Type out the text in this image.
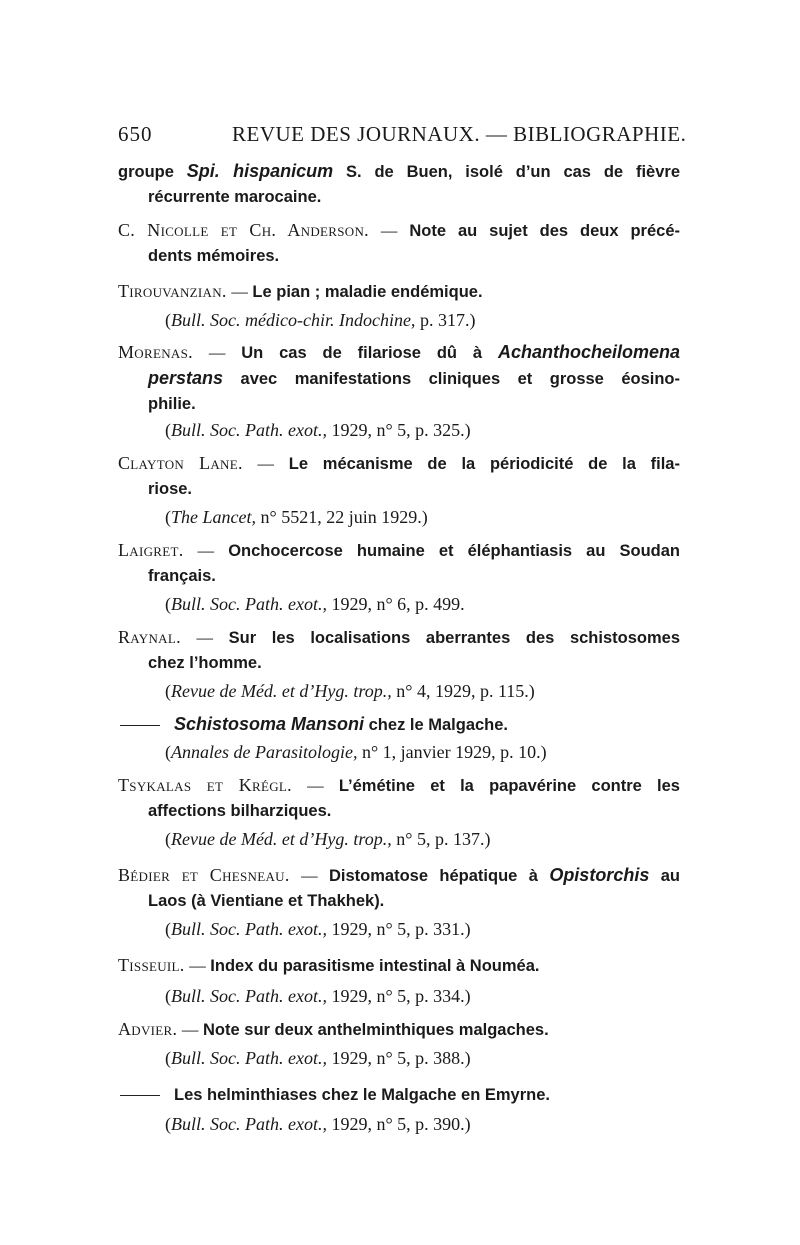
650	REVUE DES JOURNAUX. — BIBLIOGRAPHIE.
groupe Spi. hispanicum S. de Buen, isolé d’un cas de fièvre
récurrente marocaine.
C. Nicolle et Ch. Anderson. — Note au sujet des deux précé-
dents mémoires.
Tirouvanzian. — Le pian ; maladie endémique.
(Bull. Soc. médico-chir. Indochine, p. 317.)
Morenas. — Un cas de filariose dû à Achanthocheilomena
perstans avec manifestations cliniques et grosse éosino-
philie.
(Bull. Soc. Path. exot., 1929, n° 5, p. 325.)
Clayton Lane. — Le mécanisme de la périodicité de la fila-
riose.
(The Lancet, n° 5521, 22 juin 1929.)
Laigret. — Onchocercose humaine et éléphantiasis au Soudan
français.
(Bull. Soc. Path. exot., 1929, n° 6, p. 499.
Raynal. — Sur les localisations aberrantes des schistosomes
chez l’homme.
(Revue de Méd. et d’Hyg. trop., n° 4, 1929, p. 115.)
Schistosoma Mansoni chez le Malgache.
(Annales de Parasitologie, n° 1, janvier 1929, p. 10.)
Tsykalas et Krégl. — L’émétine et la papavérine contre les
affections bilharziques.
(Revue de Méd. et d’Hyg. trop., n° 5, p. 137.)
Bédier et Chesneau. — Distomatose hépatique à Opistorchis au
Laos (à Vientiane et Thakhek).
(Bull. Soc. Path. exot., 1929, n° 5, p. 331.)
Tisseuil. — Index du parasitisme intestinal à Nouméa.
(Bull. Soc. Path. exot., 1929, n° 5, p. 334.)
Advier. — Note sur deux anthelminthiques malgaches.
(Bull. Soc. Path. exot., 1929, n° 5, p. 388.)
Les helminthiases chez le Malgache en Emyrne.
(Bull. Soc. Path. exot., 1929, n° 5, p. 390.)
